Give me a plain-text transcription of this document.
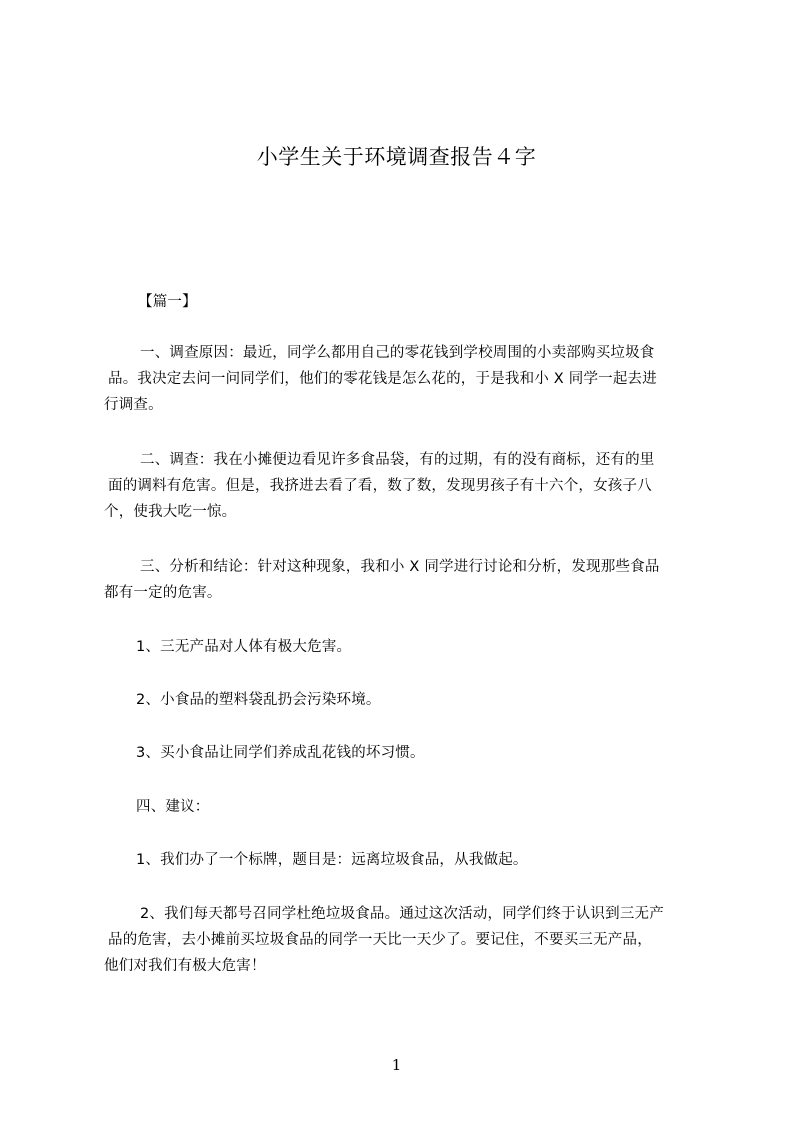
小学生关于环境调查报告４字
【篇一】
一、调查原因：最近，同学么都用自己的零花钱到学校周围的小卖部购买垃圾食
品。我决定去问一问同学们，他们的零花钱是怎么花的，于是我和小 X 同学一起去进
行调查。
二、调查：我在小摊便边看见许多食品袋，有的过期，有的没有商标，还有的里
面的调料有危害。但是，我挤进去看了看，数了数，发现男孩子有十六个，女孩子八
个，使我大吃一惊。
三、分析和结论：针对这种现象，我和小 X 同学进行讨论和分析，发现那些食品
都有一定的危害。
1、三无产品对人体有极大危害。
2、小食品的塑料袋乱扔会污染环境。
3、买小食品让同学们养成乱花钱的坏习惯。
四、建议：
1、我们办了一个标牌，题目是：远离垃圾食品，从我做起。
2、我们每天都号召同学杜绝垃圾食品。通过这次活动，同学们终于认识到三无产
品的危害，去小摊前买垃圾食品的同学一天比一天少了。要记住，不要买三无产品，
他们对我们有极大危害！
1
